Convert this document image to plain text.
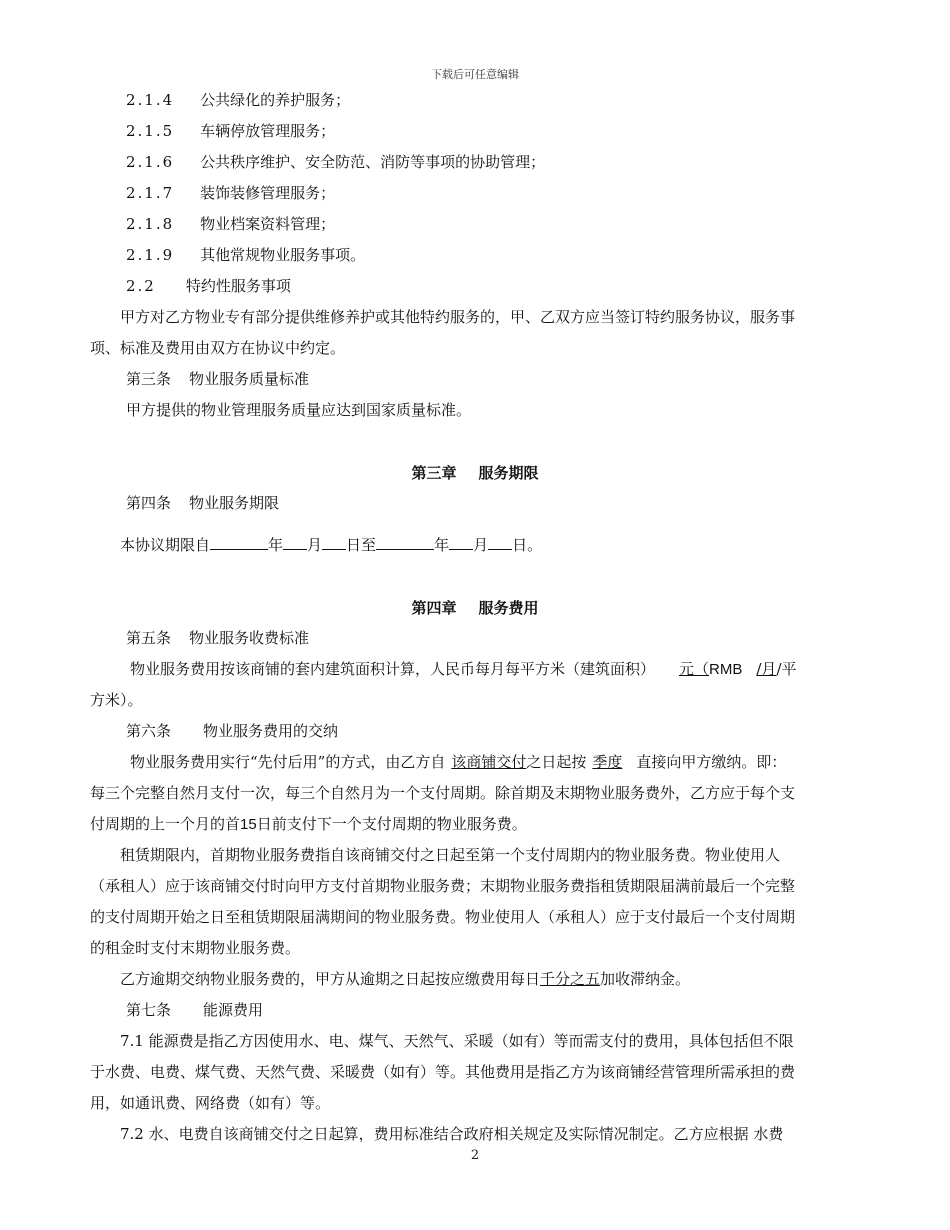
下载后可任意编辑
2.1.4 公共绿化的养护服务；
2.1.5 车辆停放管理服务；
2.1.6 公共秩序维护、安全防范、消防等事项的协助管理；
2.1.7 装饰装修管理服务；
2.1.8 物业档案资料管理；
2.1.9 其他常规物业服务事项。
2.2 特约性服务事项
甲方对乙方物业专有部分提供维修养护或其他特约服务的，甲、乙双方应当签订特约服务协议，服务事
项、标准及费用由双方在协议中约定。
第三条 物业服务质量标准
甲方提供的物业管理服务质量应达到国家质量标准。
第三章 服务期限
第四条 物业服务期限
本协议期限自	年 月 日至	年 月 日。
第四章 服务费用
第五条 物业服务收费标准
物业服务费用按该商铺的套内建筑面积计算，人民币每月每平方米（建筑面积） 元（RMB /月/平
方米）。
第六条 物业服务费用的交纳
物业服务费用实行“先付后用”的方式，由乙方自 该商铺交付之日起按 季度 直接向甲方缴纳。即：
每三个完整自然月支付一次，每三个自然月为一个支付周期。除首期及末期物业服务费外，乙方应于每个支
付周期的上一个月的首15日前支付下一个支付周期的物业服务费。
租赁期限内，首期物业服务费指自该商铺交付之日起至第一个支付周期内的物业服务费。物业使用人
（承租人）应于该商铺交付时向甲方支付首期物业服务费；末期物业服务费指租赁期限届满前最后一个完整
的支付周期开始之日至租赁期限届满期间的物业服务费。物业使用人（承租人）应于支付最后一个支付周期
的租金时支付末期物业服务费。
乙方逾期交纳物业服务费的，甲方从逾期之日起按应缴费用每日千分之五加收滞纳金。
第七条 能源费用
7.1 能源费是指乙方因使用水、电、煤气、天然气、采暖（如有）等而需支付的费用，具体包括但不限
于水费、电费、煤气费、天然气费、采暖费（如有）等。其他费用是指乙方为该商铺经营管理所需承担的费
用，如通讯费、网络费（如有）等。
7.2 水、电费自该商铺交付之日起算，费用标准结合政府相关规定及实际情况制定。乙方应根据 水费
2
